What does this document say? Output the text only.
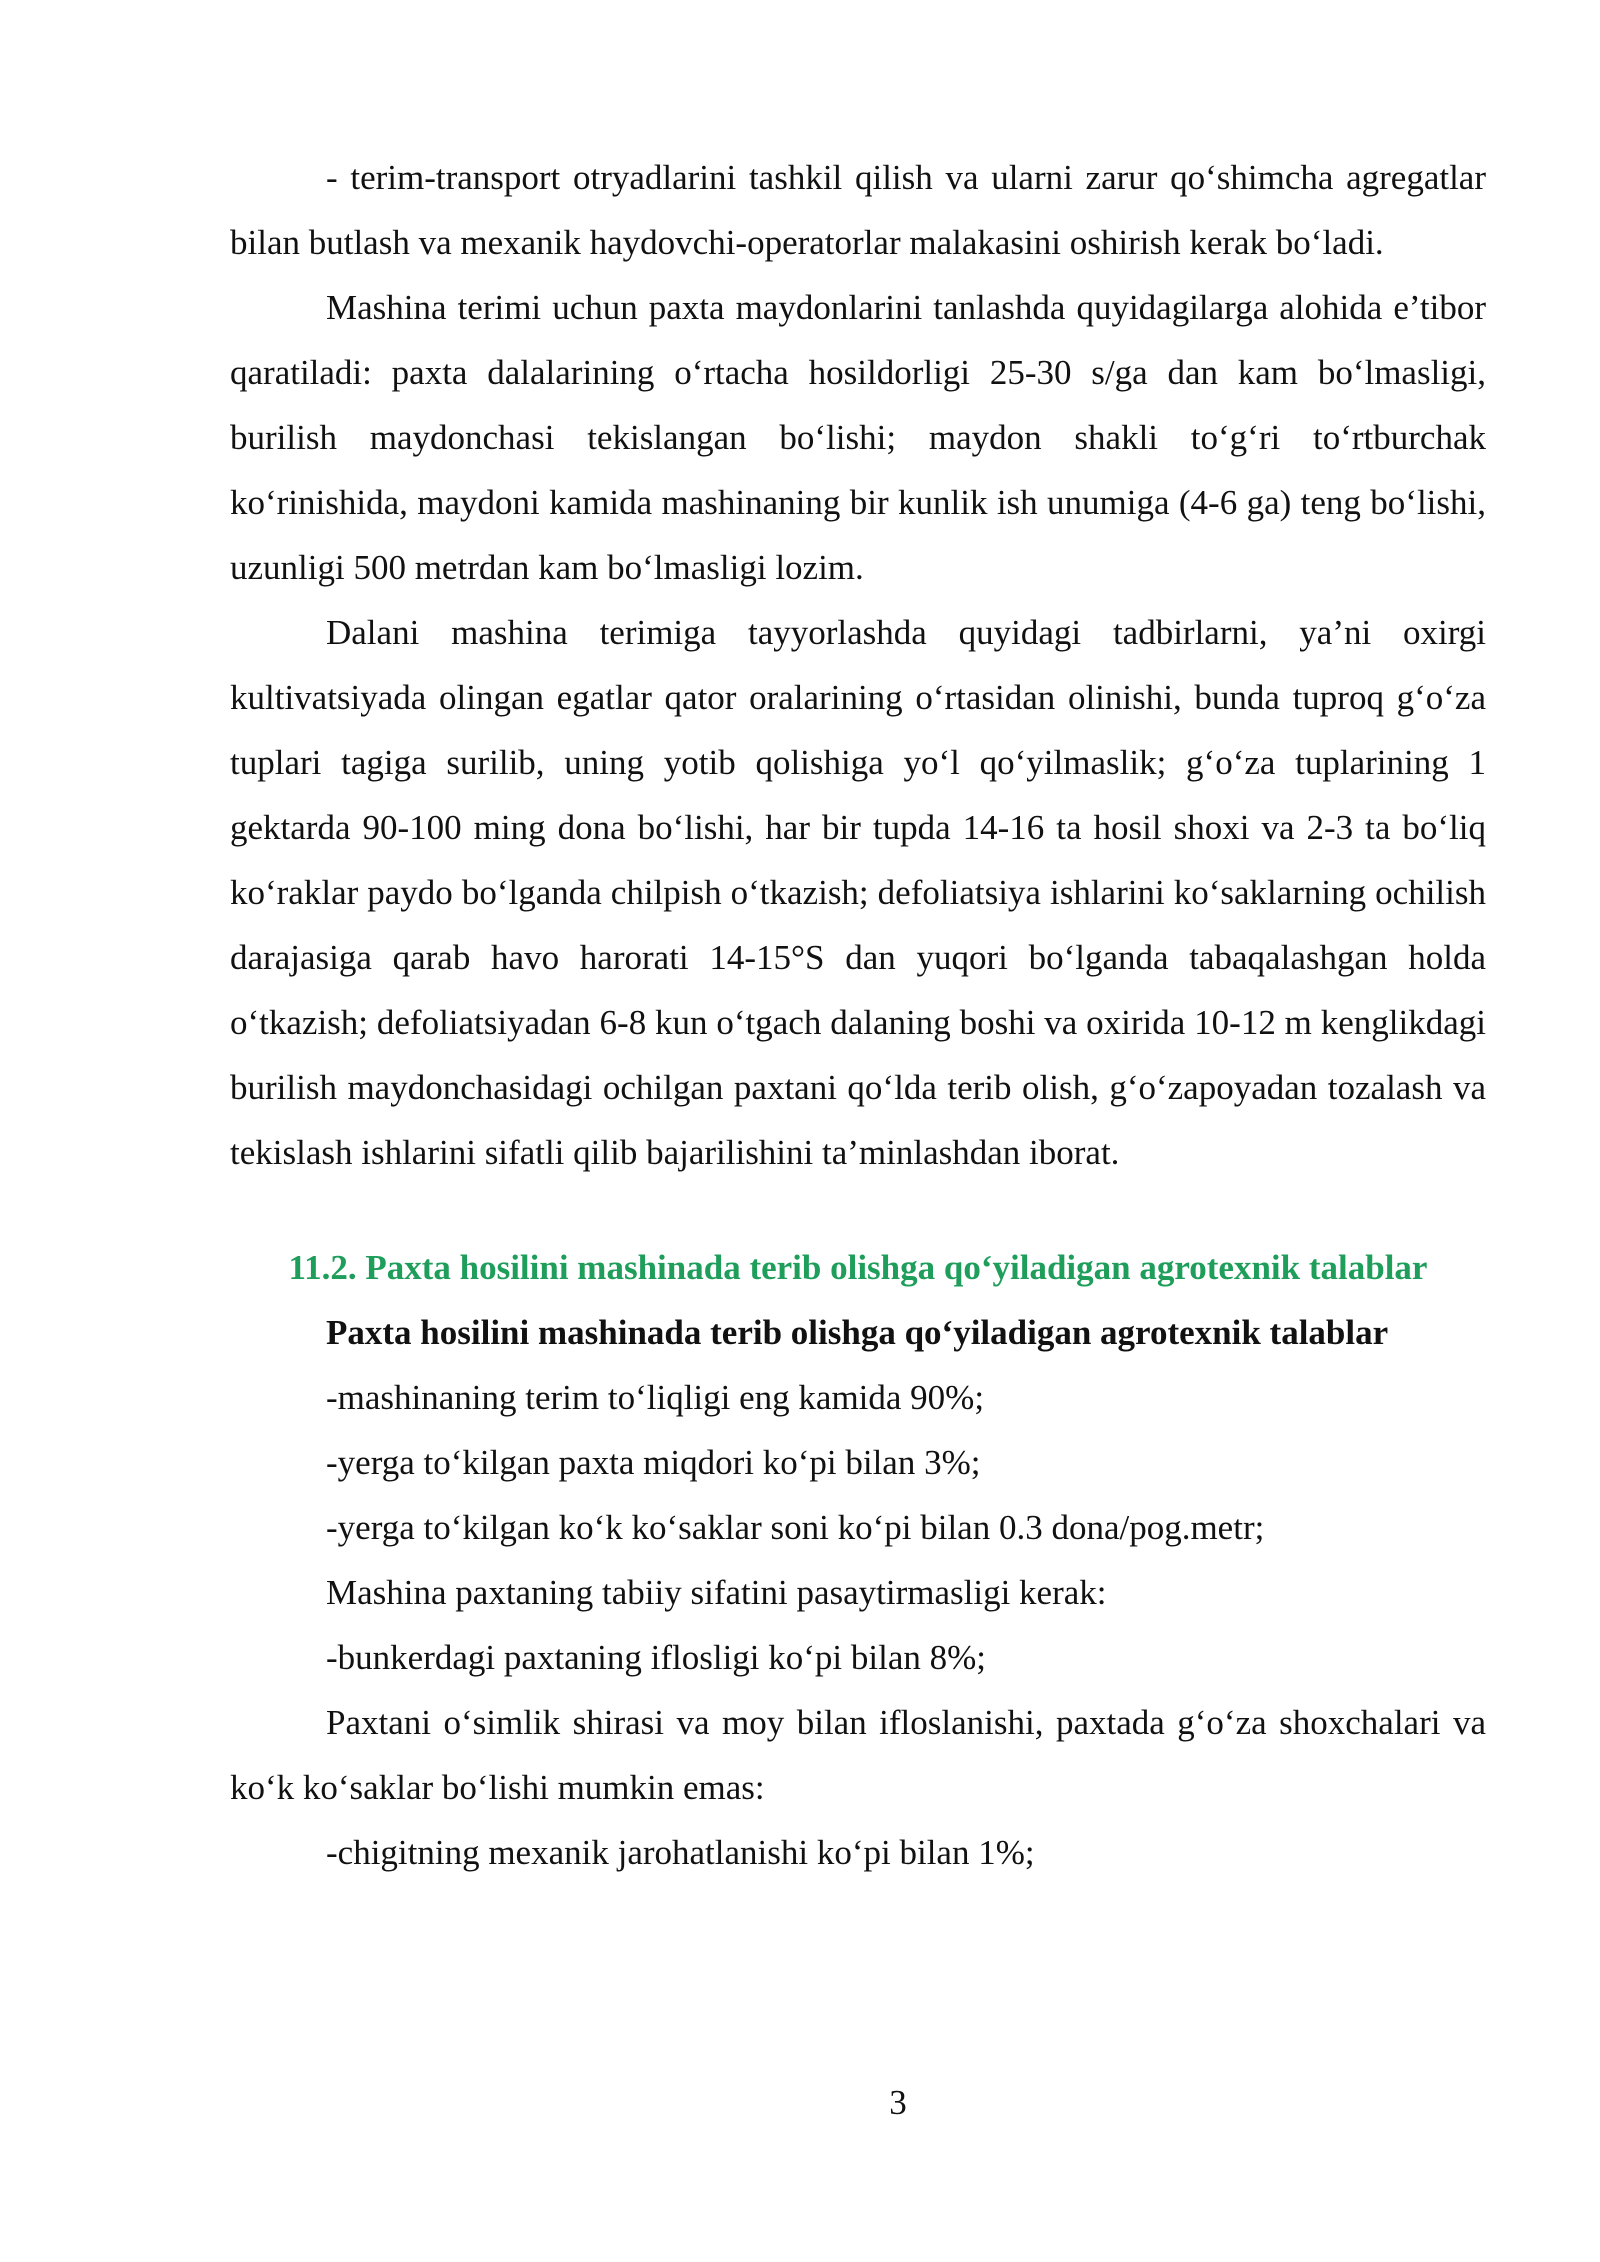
- terim-transport otryadlarini tashkil qilish va ularni zarur qo‘shimcha agregatlar bilan butlash va mexanik haydovchi-operatorlar malakasini oshirish kerak bo‘ladi.

Mashina terimi uchun paxta maydonlarini tanlashda quyidagilarga alohida e’tibor qaratiladi: paxta dalalarining o‘rtacha hosildorligi 25-30 s/ga dan kam bo‘lmasligi, burilish maydonchasi tekislangan bo‘lishi; maydon shakli to‘g‘ri to‘rtburchak ko‘rinishida, maydoni kamida mashinaning bir kunlik ish unumiga (4-6 ga) teng bo‘lishi, uzunligi 500 metrdan kam bo‘lmasligi lozim.

Dalani mashina terimiga tayyorlashda quyidagi tadbirlarni, ya’ni oxirgi kultivatsiyada olingan egatlar qator oralarining o‘rtasidan olinishi, bunda tuproq g‘o‘za tuplari tagiga surilib, uning yotib qolishiga yo‘l qo‘yilmaslik; g‘o‘za tuplarining 1 gektarda 90-100 ming dona bo‘lishi, har bir tupda 14-16 ta hosil shoxi va 2-3 ta bo‘liq ko‘raklar paydo bo‘lganda chilpish o‘tkazish; defoliatsiya ishlarini ko‘saklarning ochilish darajasiga qarab havo harorati 14-15°S dan yuqori bo‘lganda tabaqalashgan holda o‘tkazish; defoliatsiyadan 6-8 kun o‘tgach dalaning boshi va oxirida 10-12 m kenglikdagi burilish maydonchasidagi ochilgan paxtani qo‘lda terib olish, g‘o‘zapoyadan tozalash va tekislash ishlarini sifatli qilib bajarilishini ta’minlashdan iborat.

11.2. Paxta hosilini mashinada terib olishga qo‘yiladigan agrotexnik talablar
Paxta hosilini mashinada terib olishga qo‘yiladigan agrotexnik talablar
-mashinaning terim to‘liqligi eng kamida 90%;
-yerga to‘kilgan paxta miqdori ko‘pi bilan 3%;
-yerga to‘kilgan ko‘k ko‘saklar soni ko‘pi bilan 0.3 dona/pog.metr;
Mashina paxtaning tabiiy sifatini pasaytirmasligi kerak:
-bunkerdagi paxtaning iflosligi ko‘pi bilan 8%;

Paxtani o‘simlik shirasi va moy bilan ifloslanishi, paxtada g‘o‘za shoxchalari va ko‘k ko‘saklar bo‘lishi mumkin emas:

-chigitning mexanik jarohatlanishi ko‘pi bilan 1%;
3
